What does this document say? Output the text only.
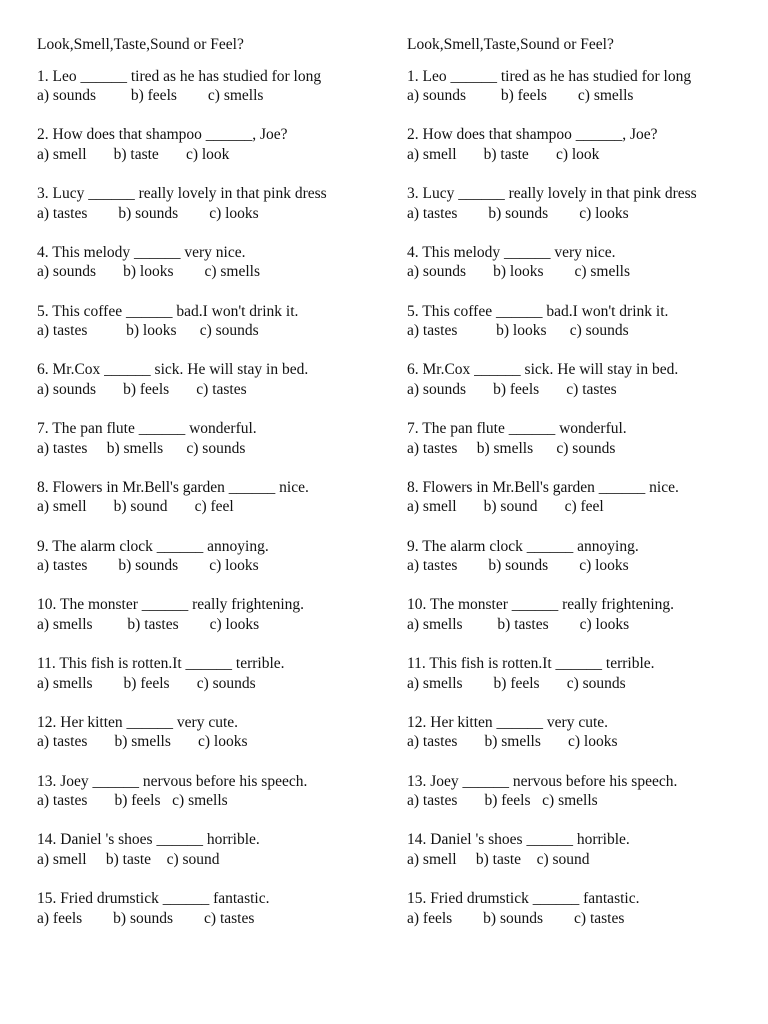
Look,Smell,Taste,Sound or Feel?
1. Leo ______ tired as he has studied for long
a) sounds         b) feels        c) smells
2. How does that shampoo ______, Joe?
a) smell       b) taste       c) look
3. Lucy ______ really lovely in that pink dress
a) tastes        b) sounds        c) looks
4. This melody ______ very nice.
a) sounds       b) looks        c) smells
5. This coffee ______ bad.I won't drink it.
a) tastes          b) looks      c) sounds
6. Mr.Cox ______ sick. He will stay in bed.
a) sounds       b) feels       c) tastes
7. The pan flute ______ wonderful.
a) tastes     b) smells      c) sounds
8. Flowers in Mr.Bell's garden ______ nice.
a) smell       b) sound       c) feel
9. The alarm clock ______ annoying.
a) tastes        b) sounds        c) looks
10. The monster ______ really frightening.
a) smells         b) tastes        c) looks
11. This fish is rotten.It ______ terrible.
a) smells        b) feels       c) sounds
12. Her kitten ______ very cute.
a) tastes       b) smells       c) looks
13. Joey ______ nervous before his speech.
a) tastes       b) feels   c) smells
14. Daniel 's shoes ______ horrible.
a) smell     b) taste    c) sound
15. Fried drumstick ______ fantastic.
a) feels        b) sounds        c) tastes
Look,Smell,Taste,Sound or Feel?
1. Leo ______ tired as he has studied for long
a) sounds         b) feels        c) smells
2. How does that shampoo ______, Joe?
a) smell       b) taste       c) look
3. Lucy ______ really lovely in that pink dress
a) tastes        b) sounds        c) looks
4. This melody ______ very nice.
a) sounds       b) looks        c) smells
5. This coffee ______ bad.I won't drink it.
a) tastes          b) looks      c) sounds
6. Mr.Cox ______ sick. He will stay in bed.
a) sounds       b) feels       c) tastes
7. The pan flute ______ wonderful.
a) tastes     b) smells      c) sounds
8. Flowers in Mr.Bell's garden ______ nice.
a) smell       b) sound       c) feel
9. The alarm clock ______ annoying.
a) tastes        b) sounds        c) looks
10. The monster ______ really frightening.
a) smells         b) tastes        c) looks
11. This fish is rotten.It ______ terrible.
a) smells        b) feels       c) sounds
12. Her kitten ______ very cute.
a) tastes       b) smells       c) looks
13. Joey ______ nervous before his speech.
a) tastes       b) feels   c) smells
14. Daniel 's shoes ______ horrible.
a) smell     b) taste    c) sound
15. Fried drumstick ______ fantastic.
a) feels        b) sounds        c) tastes
